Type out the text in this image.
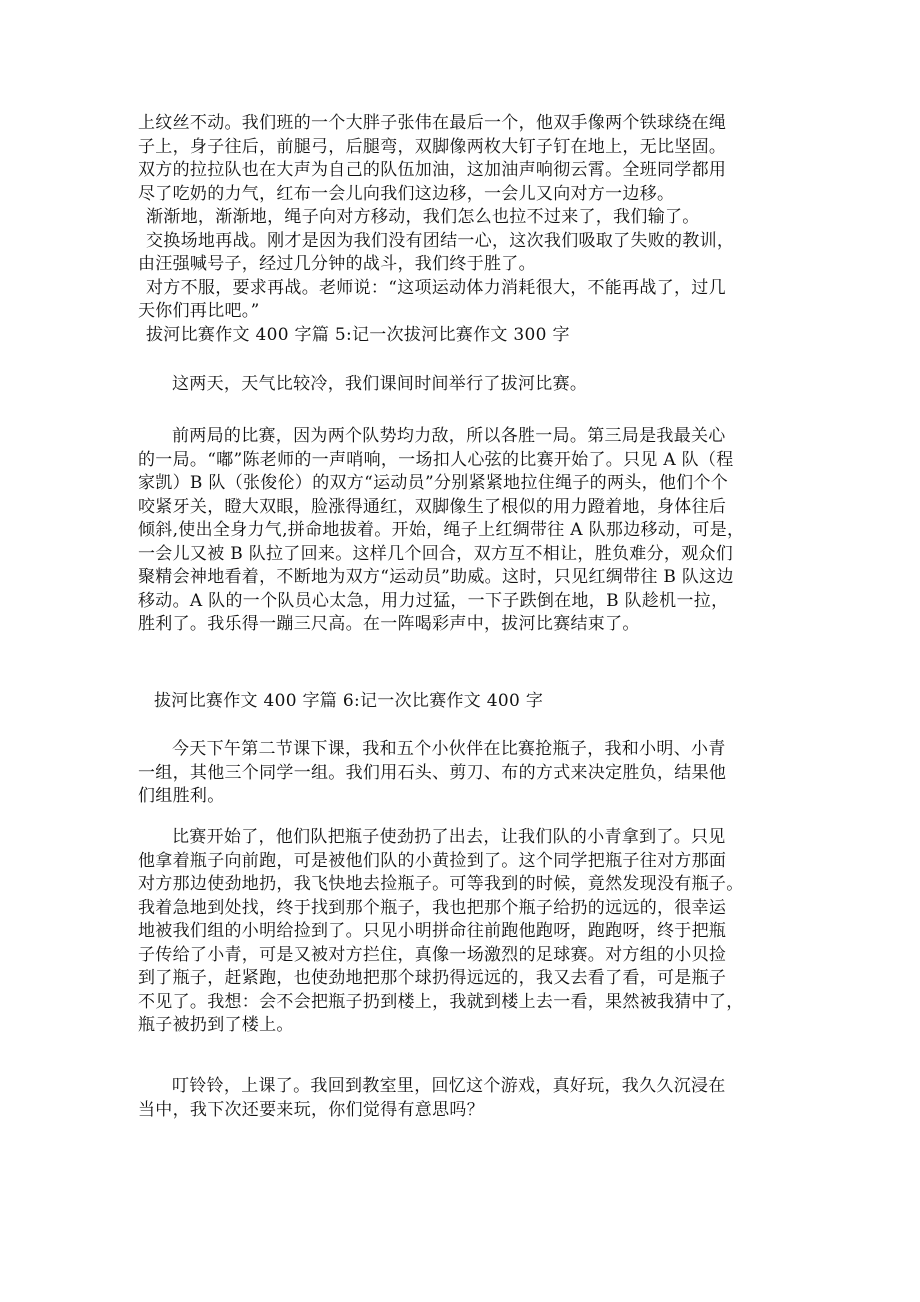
上纹丝不动。我们班的一个大胖子张伟在最后一个，他双手像两个铁球绕在绳
子上，身子往后，前腿弓，后腿弯，双脚像两枚大钉子钉在地上，无比坚固。
双方的拉拉队也在大声为自己的队伍加油，这加油声响彻云霄。全班同学都用
尽了吃奶的力气，红布一会儿向我们这边移，一会儿又向对方一边移。
渐渐地，渐渐地，绳子向对方移动，我们怎么也拉不过来了，我们输了。
交换场地再战。刚才是因为我们没有团结一心，这次我们吸取了失败的教训，
由汪强喊号子，经过几分钟的战斗，我们终于胜了。
对方不服，要求再战。老师说：“这项运动体力消耗很大，不能再战了，过几
天你们再比吧。”
拔河比赛作文 400 字篇 5:记一次拔河比赛作文 300 字
这两天，天气比较冷，我们课间时间举行了拔河比赛。
前两局的比赛，因为两个队势均力敌，所以各胜一局。第三局是我最关心
的一局。“嘟”陈老师的一声哨响，一场扣人心弦的比赛开始了。只见 A 队（程
家凯）B 队（张俊伦）的双方“运动员”分别紧紧地拉住绳子的两头，他们个个
咬紧牙关，瞪大双眼，脸涨得通红，双脚像生了根似的用力蹬着地，身体往后
倾斜,使出全身力气,拼命地拔着。开始，绳子上红绸带往 A 队那边移动，可是，
一会儿又被 B 队拉了回来。这样几个回合，双方互不相让，胜负难分，观众们
聚精会神地看着，不断地为双方“运动员”助威。这时，只见红绸带往 B 队这边
移动。A 队的一个队员心太急，用力过猛，一下子跌倒在地，B 队趁机一拉，
胜利了。我乐得一蹦三尺高。在一阵喝彩声中，拔河比赛结束了。
拔河比赛作文 400 字篇 6:记一次比赛作文 400 字
今天下午第二节课下课，我和五个小伙伴在比赛抢瓶子，我和小明、小青
一组，其他三个同学一组。我们用石头、剪刀、布的方式来决定胜负，结果他
们组胜利。
比赛开始了，他们队把瓶子使劲扔了出去，让我们队的小青拿到了。只见
他拿着瓶子向前跑，可是被他们队的小黄捡到了。这个同学把瓶子往对方那面
对方那边使劲地扔，我飞快地去捡瓶子。可等我到的时候，竟然发现没有瓶子。
我着急地到处找，终于找到那个瓶子，我也把那个瓶子给扔的远远的，很幸运
地被我们组的小明给捡到了。只见小明拼命往前跑他跑呀，跑跑呀，终于把瓶
子传给了小青，可是又被对方拦住，真像一场激烈的足球赛。对方组的小贝捡
到了瓶子，赶紧跑，也使劲地把那个球扔得远远的，我又去看了看，可是瓶子
不见了。我想：会不会把瓶子扔到楼上，我就到楼上去一看，果然被我猜中了，
瓶子被扔到了楼上。
叮铃铃，上课了。我回到教室里，回忆这个游戏，真好玩，我久久沉浸在
当中，我下次还要来玩，你们觉得有意思吗？
